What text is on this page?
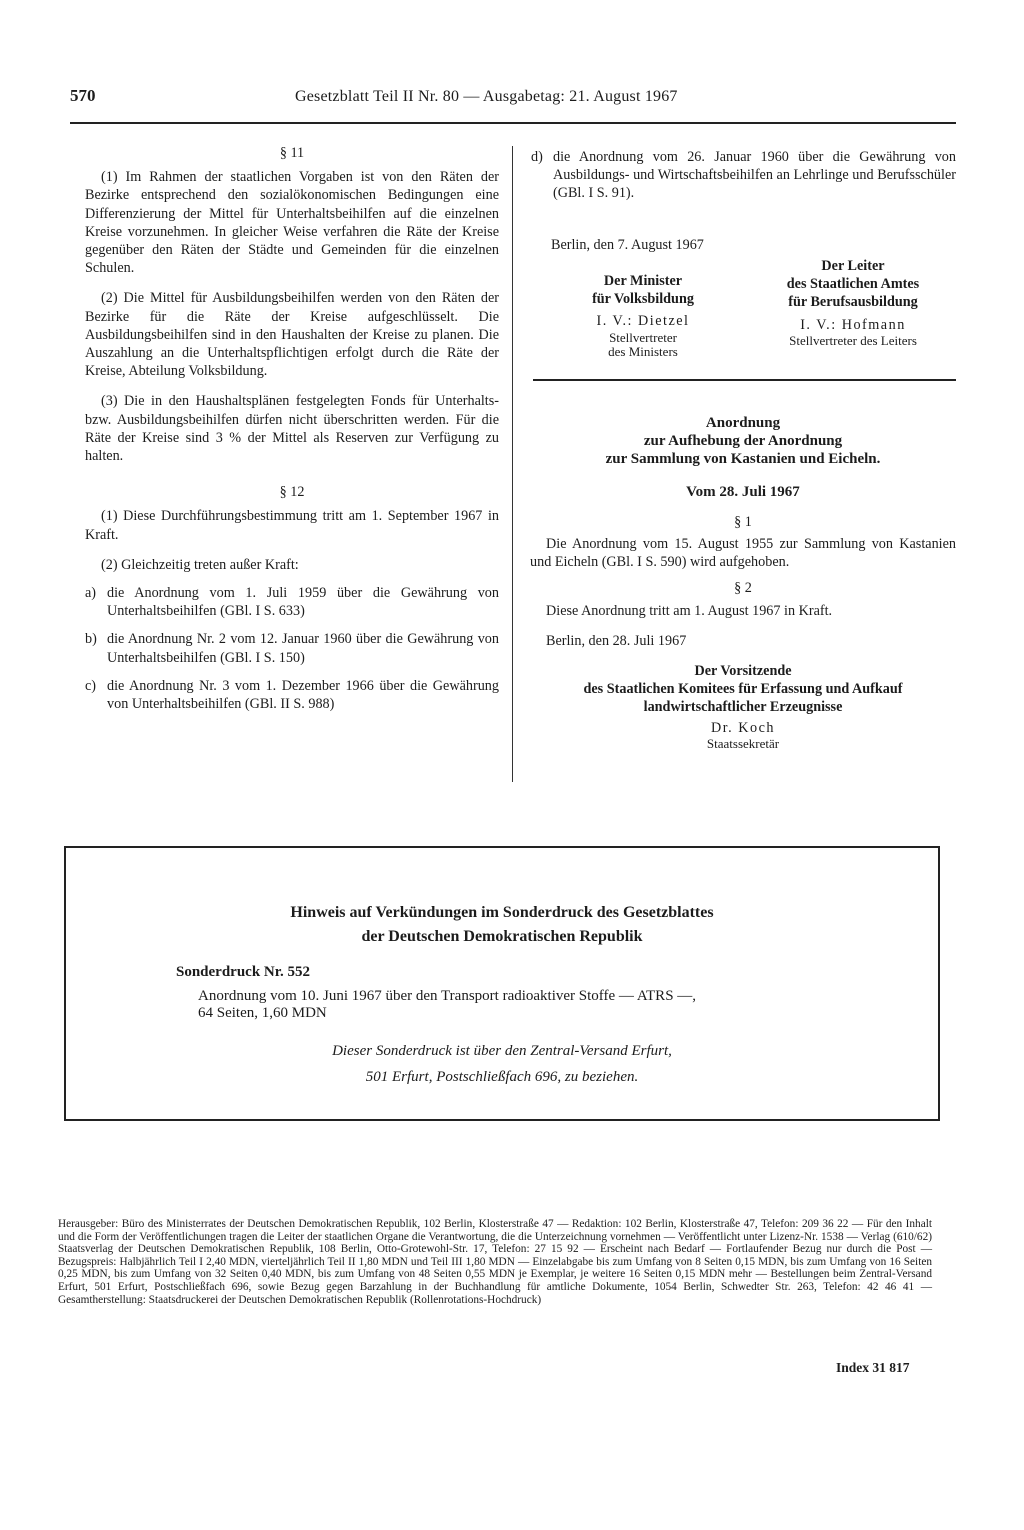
570	Gesetzblatt Teil II Nr. 80 — Ausgabetag: 21. August 1967

§ 11

(1) Im Rahmen der staatlichen Vorgaben ist von den Räten der Bezirke entsprechend den sozialökonomischen Bedingungen eine Differenzierung der Mittel für Unterhaltsbeihilfen auf die einzelnen Kreise vorzunehmen. In gleicher Weise verfahren die Räte der Kreise gegenüber den Räten der Städte und Gemeinden für die einzelnen Schulen.

(2) Die Mittel für Ausbildungsbeihilfen werden von den Räten der Bezirke für die Räte der Kreise aufgeschlüsselt. Die Ausbildungsbeihilfen sind in den Haushalten der Kreise zu planen. Die Auszahlung an die Unterhaltspflichtigen erfolgt durch die Räte der Kreise, Abteilung Volksbildung.

(3) Die in den Haushaltsplänen festgelegten Fonds für Unterhalts- bzw. Ausbildungsbeihilfen dürfen nicht überschritten werden. Für die Räte der Kreise sind 3 % der Mittel als Reserven zur Verfügung zu halten.

§ 12

(1) Diese Durchführungsbestimmung tritt am 1. September 1967 in Kraft.

(2) Gleichzeitig treten außer Kraft:

a) die Anordnung vom 1. Juli 1959 über die Gewährung von Unterhaltsbeihilfen (GBl. I S. 633)
b) die Anordnung Nr. 2 vom 12. Januar 1960 über die Gewährung von Unterhaltsbeihilfen (GBl. I S. 150)
c) die Anordnung Nr. 3 vom 1. Dezember 1966 über die Gewährung von Unterhaltsbeihilfen (GBl. II S. 988)
d) die Anordnung vom 26. Januar 1960 über die Gewährung von Ausbildungs- und Wirtschaftsbeihilfen an Lehrlinge und Berufsschüler (GBl. I S. 91).

Berlin, den 7. August 1967

Der Minister

für Volksbildung

I. V.: Dietzel

Stellvertreter

des Ministers

Der Leiter

des Staatlichen Amtes

für Berufsausbildung

I. V.: Hofmann

Stellvertreter des Leiters

Anordnung

zur Aufhebung der Anordnung

zur Sammlung von Kastanien und Eicheln.

Vom 28. Juli 1967

§ 1

Die Anordnung vom 15. August 1955 zur Sammlung von Kastanien und Eicheln (GBl. I S. 590) wird aufgehoben.

§ 2

Diese Anordnung tritt am 1. August 1967 in Kraft.

Berlin, den 28. Juli 1967

Der Vorsitzende

des Staatlichen Komitees für Erfassung und Aufkauf

landwirtschaftlicher Erzeugnisse

Dr. Koch

Staatssekretär

Hinweis auf Verkündungen im Sonderdruck des Gesetzblattes

der Deutschen Demokratischen Republik

Sonderdruck Nr. 552

Anordnung vom 10. Juni 1967 über den Transport radioaktiver Stoffe — ATRS —,

64 Seiten, 1,60 MDN

Dieser Sonderdruck ist über den Zentral-Versand Erfurt,

501 Erfurt, Postschließfach 696, zu beziehen.

Herausgeber: Büro des Ministerrates der Deutschen Demokratischen Republik, 102 Berlin, Klosterstraße 47 — Redaktion: 102 Berlin, Klosterstraße 47, Telefon: 209 36 22 — Für den Inhalt und die Form der Veröffentlichungen tragen die Leiter der staatlichen Organe die Verantwortung, die die Unterzeichnung vornehmen — Veröffentlicht unter Lizenz-Nr. 1538 — Verlag (610/62) Staatsverlag der Deutschen Demokratischen Republik, 108 Berlin, Otto-Grotewohl-Str. 17, Telefon: 27 15 92 — Erscheint nach Bedarf — Fortlaufender Bezug nur durch die Post — Bezugspreis: Halbjährlich Teil I 2,40 MDN, vierteljährlich Teil II 1,80 MDN und Teil III 1,80 MDN — Einzelabgabe bis zum Umfang von 8 Seiten 0,15 MDN, bis zum Umfang von 16 Seiten 0,25 MDN, bis zum Umfang von 32 Seiten 0,40 MDN, bis zum Umfang von 48 Seiten 0,55 MDN je Exemplar, je weitere 16 Seiten 0,15 MDN mehr — Bestellungen beim Zentral-Versand Erfurt, 501 Erfurt, Postschließfach 696, sowie Bezug gegen Barzahlung in der Buchhandlung für amtliche Dokumente, 1054 Berlin, Schwedter Str. 263, Telefon: 42 46 41 — Gesamtherstellung: Staatsdruckerei der Deutschen Demokratischen Republik (Rollenrotations-Hochdruck)

Index 31 817
